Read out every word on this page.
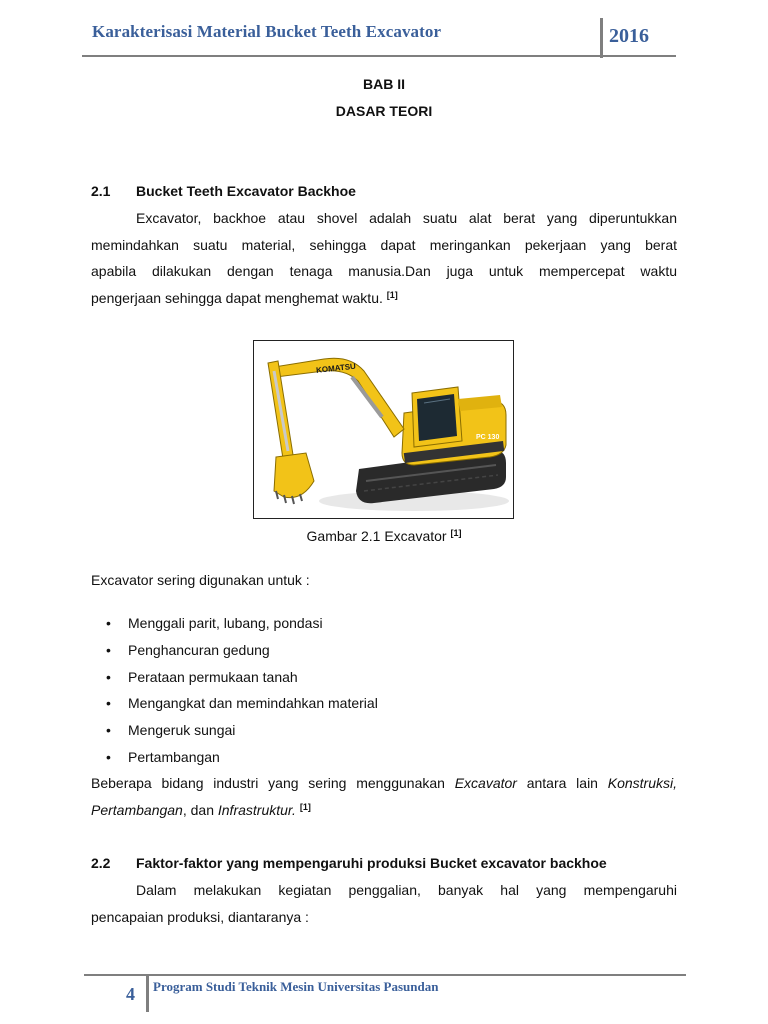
Karakterisasi Material Bucket Teeth Excavator	2016
BAB II
DASAR TEORI
2.1 Bucket Teeth Excavator Backhoe
Excavator, backhoe atau shovel adalah suatu alat berat yang diperuntukkan
memindahkan suatu material, sehingga dapat meringankan pekerjaan yang berat
apabila dilakukan dengan tenaga manusia.Dan juga untuk mempercepat waktu
pengerjaan sehingga dapat menghemat waktu. [1]
PC 130
KOMATSU
Gambar 2.1 Excavator [1]
Excavator sering digunakan untuk :
•	Menggali parit, lubang, pondasi
•	Penghancuran gedung
•	Perataan permukaan tanah
•	Mengangkat dan memindahkan material
•	Mengeruk sungai
•	Pertambangan
Beberapa bidang industri yang sering menggunakan Excavator antara lain Konstruksi,
Pertambangan, dan Infrastruktur. [1]
2.2 Faktor-faktor yang mempengaruhi produksi Bucket excavator backhoe
Dalam melakukan kegiatan penggalian, banyak hal yang mempengaruhi
pencapaian produksi, diantaranya :
4 Program Studi Teknik Mesin Universitas Pasundan
